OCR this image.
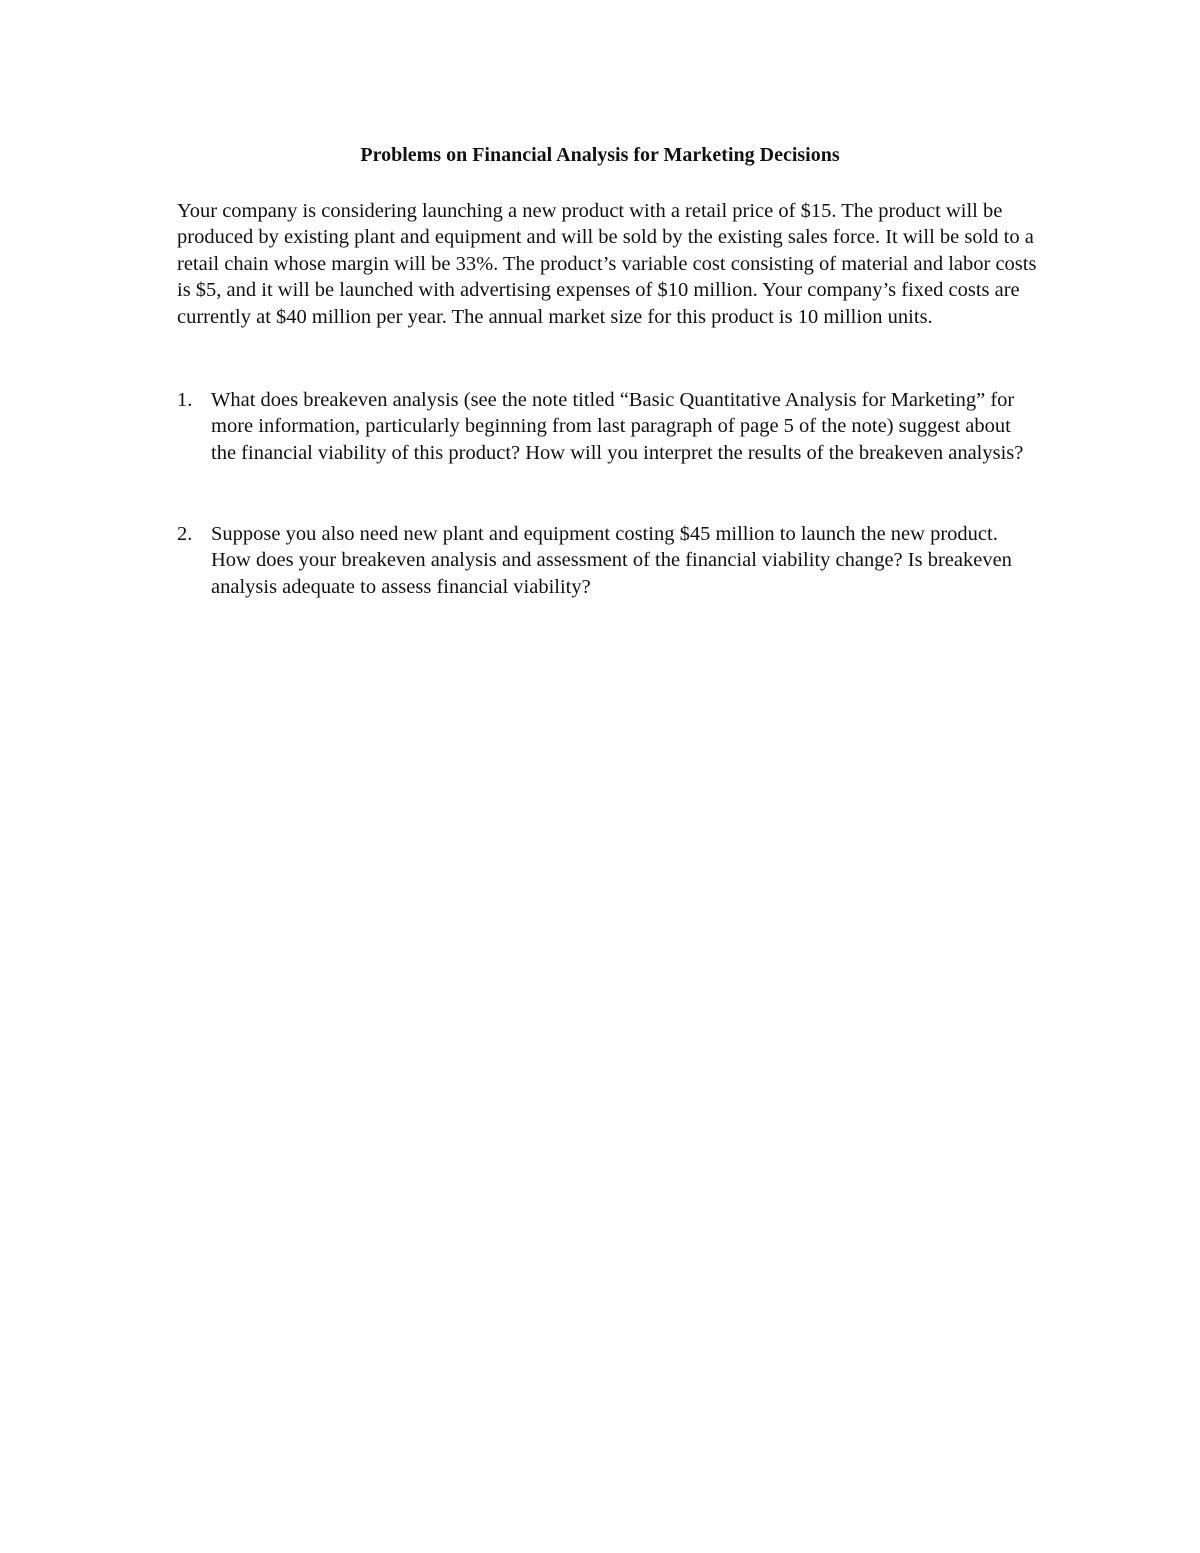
Problems on Financial Analysis for Marketing Decisions

Your company is considering launching a new product with a retail price of $15. The product will be produced by existing plant and equipment and will be sold by the existing sales force. It will be sold to a retail chain whose margin will be 33%. The product’s variable cost consisting of material and labor costs is $5, and it will be launched with advertising expenses of $10 million. Your company’s fixed costs are currently at $40 million per year. The annual market size for this product is 10 million units.

1. What does breakeven analysis (see the note titled “Basic Quantitative Analysis for Marketing” for more information, particularly beginning from last paragraph of page 5 of the note) suggest about the financial viability of this product? How will you interpret the results of the breakeven analysis?
2. Suppose you also need new plant and equipment costing $45 million to launch the new product. How does your breakeven analysis and assessment of the financial viability change? Is breakeven analysis adequate to assess financial viability?
